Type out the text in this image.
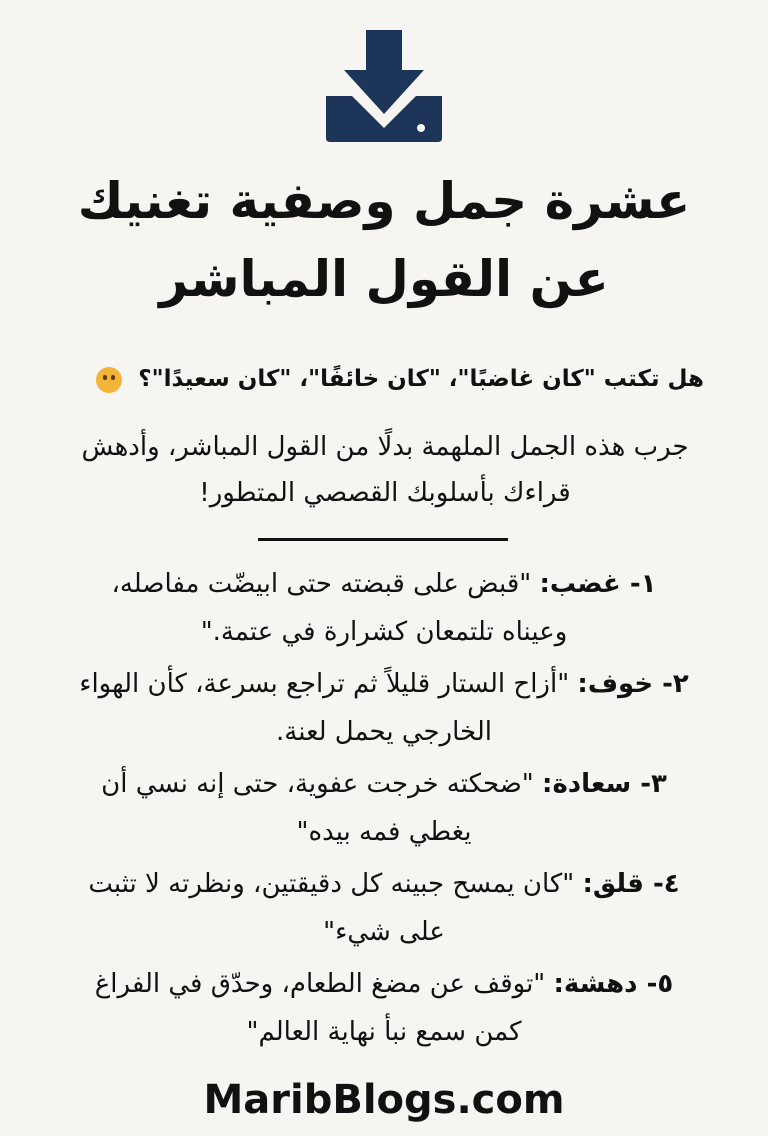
عشرة جمل وصفية تغنيك
عن القول المباشر
هل تكتب "كان غاضبًا"، "كان خائفًا"، "كان سعيدًا"؟
جرب هذه الجمل الملهمة بدلًا من القول المباشر، وأدهش
قراءك بأسلوبك القصصي المتطور!
١- غضب: "قبض على قبضته حتى ابيضّت مفاصله،
وعيناه تلتمعان كشرارة في عتمة."
٢- خوف: "أزاح الستار قليلاً ثم تراجع بسرعة، كأن الهواء
الخارجي يحمل لعنة.
٣- سعادة: "ضحكته خرجت عفوية، حتى إنه نسي أن
يغطي فمه بيده"
٤- قلق: "كان يمسح جبينه كل دقيقتين، ونظرته لا تثبت
على شيء"
٥- دهشة: "توقف عن مضغ الطعام، وحدّق في الفراغ
كمن سمع نبأ نهاية العالم"
MaribBlogs.com
